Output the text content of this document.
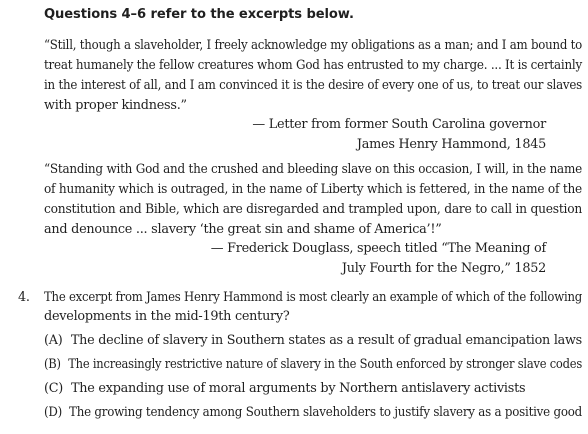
Questions 4–6 refer to the excerpts below.

“Still, though a slaveholder, I freely acknowledge my obligations as a man; and I am bound to

treat humanely the fellow creatures whom God has entrusted to my charge. ... It is certainly

in the interest of all, and I am convinced it is the desire of every one of us, to treat our slaves

with proper kindness.”

— Letter from former South Carolina governor

James Henry Hammond, 1845

“Standing with God and the crushed and bleeding slave on this occasion, I will, in the name

of humanity which is outraged, in the name of Liberty which is fettered, in the name of the

constitution and Bible, which are disregarded and trampled upon, dare to call in question

and denounce ... slavery ‘the great sin and shame of America’!”

— Frederick Douglass, speech titled “The Meaning of

July Fourth for the Negro,” 1852

4. The excerpt from James Henry Hammond is most clearly an example of which of the following

developments in the mid-19th century?

(A) The decline of slavery in Southern states as a result of gradual emancipation laws

(B) The increasingly restrictive nature of slavery in the South enforced by stronger slave codes

(C) The expanding use of moral arguments by Northern antislavery activists

(D) The growing tendency among Southern slaveholders to justify slavery as a positive good
